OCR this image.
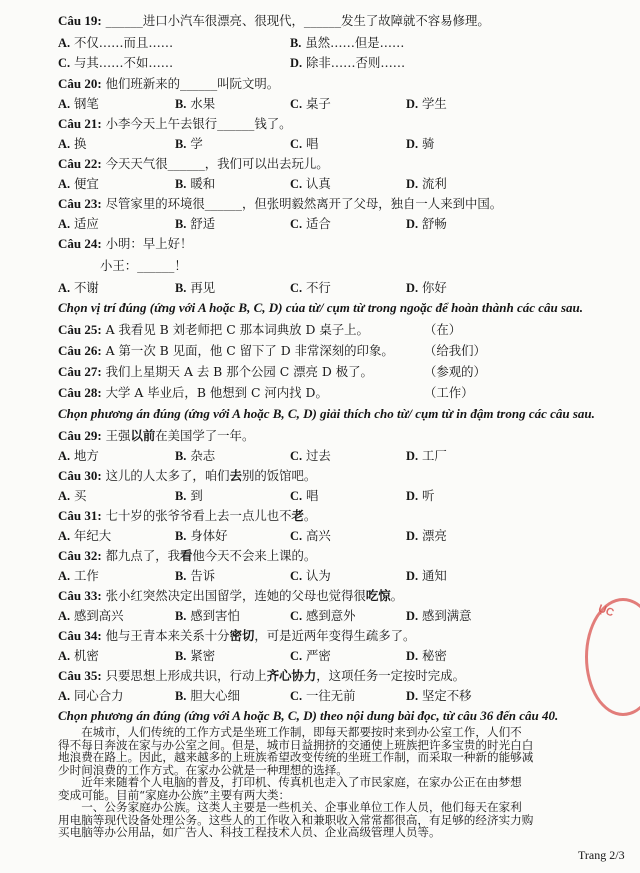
Câu 19: ______进口小汽车很漂亮、很现代，______发生了故障就不容易修理。
A. 不仅……而且……	B. 虽然……但是……
C. 与其……不如……	D. 除非……否则……
Câu 20: 他们班新来的______叫阮文明。
A. 钢笔	B. 水果	C. 桌子	D. 学生
Câu 21: 小李今天上午去银行______钱了。
A. 换	B. 学	C. 唱	D. 骑
Câu 22: 今天天气很______，我们可以出去玩儿。
A. 便宜	B. 暖和	C. 认真	D. 流利
Câu 23: 尽管家里的环境很______，但张明毅然离开了父母，独自一人来到中国。
A. 适应	B. 舒适	C. 适合	D. 舒畅
Câu 24: 小明：早上好！
小王：______！
A. 不谢	B. 再见	C. 不行	D. 你好
Chọn vị trí đúng (ứng với A hoặc B, C, D) của từ/ cụm từ trong ngoặc để hoàn thành các câu sau.
Câu 25: A 我看见 B 刘老师把 C 那本词典放 D 桌子上。	（在）
Câu 26: A 第一次 B 见面，他 C 留下了 D 非常深刻的印象。 （给我们）
Câu 27: 我们上星期天 A 去 B 那个公园 C 漂亮 D 极了。	（参观的）
Câu 28: 大学 A 毕业后，B 他想到 C 河内找 D。	（工作）
Chọn phương án đúng (ứng với A hoặc B, C, D) giải thích cho từ/ cụm từ in đậm trong các câu sau.
Câu 29: 王强以前在美国学了一年。
A. 地方	B. 杂志	C. 过去	D. 工厂
Câu 30: 这儿的人太多了，咱们去别的饭馆吧。
A. 买	B. 到	C. 唱	D. 听
Câu 31: 七十岁的张爷爷看上去一点儿也不老。
A. 年纪大	B. 身体好	C. 高兴	D. 漂亮
Câu 32: 都九点了，我看他今天不会来上课的。
A. 工作	B. 告诉	C. 认为	D. 通知
Câu 33: 张小红突然决定出国留学，连她的父母也觉得很吃惊。
A. 感到高兴	B. 感到害怕	C. 感到意外	D. 感到满意
Câu 34: 他与王青本来关系十分密切，可是近两年变得生疏多了。
A. 机密	B. 紧密	C. 严密	D. 秘密
Câu 35: 只要思想上形成共识，行动上齐心协力，这项任务一定按时完成。
A. 同心合力	B. 胆大心细	C. 一往无前	D. 坚定不移
Chọn phương án đúng (ứng với A hoặc B, C, D) theo nội dung bài đọc, từ câu 36 đến câu 40.
　　在城市，人们传统的工作方式是坐班工作制，即每天都要按时来到办公室工作，人们不
得不每日奔波在家与办公室之间。但是，城市日益拥挤的交通使上班族把许多宝贵的时光白白
地浪费在路上。因此，越来越多的上班族希望改变传统的坐班工作制，而采取一种新的能够减
少时间浪费的工作方式。在家办公就是一种理想的选择。
　　近年来随着个人电脑的普及，打印机、传真机也走入了市民家庭，在家办公正在由梦想
变成可能。目前“家庭办公族”主要有两大类：
　　一、公务家庭办公族。这类人主要是一些机关、企事业单位工作人员，他们每天在家利
用电脑等现代设备处理公务。这些人的工作收入和兼职收入常常都很高，有足够的经济实力购
买电脑等办公用品，如广告人、科技工程技术人员、企业高级管理人员等。
ỤC
Trang 2/3
